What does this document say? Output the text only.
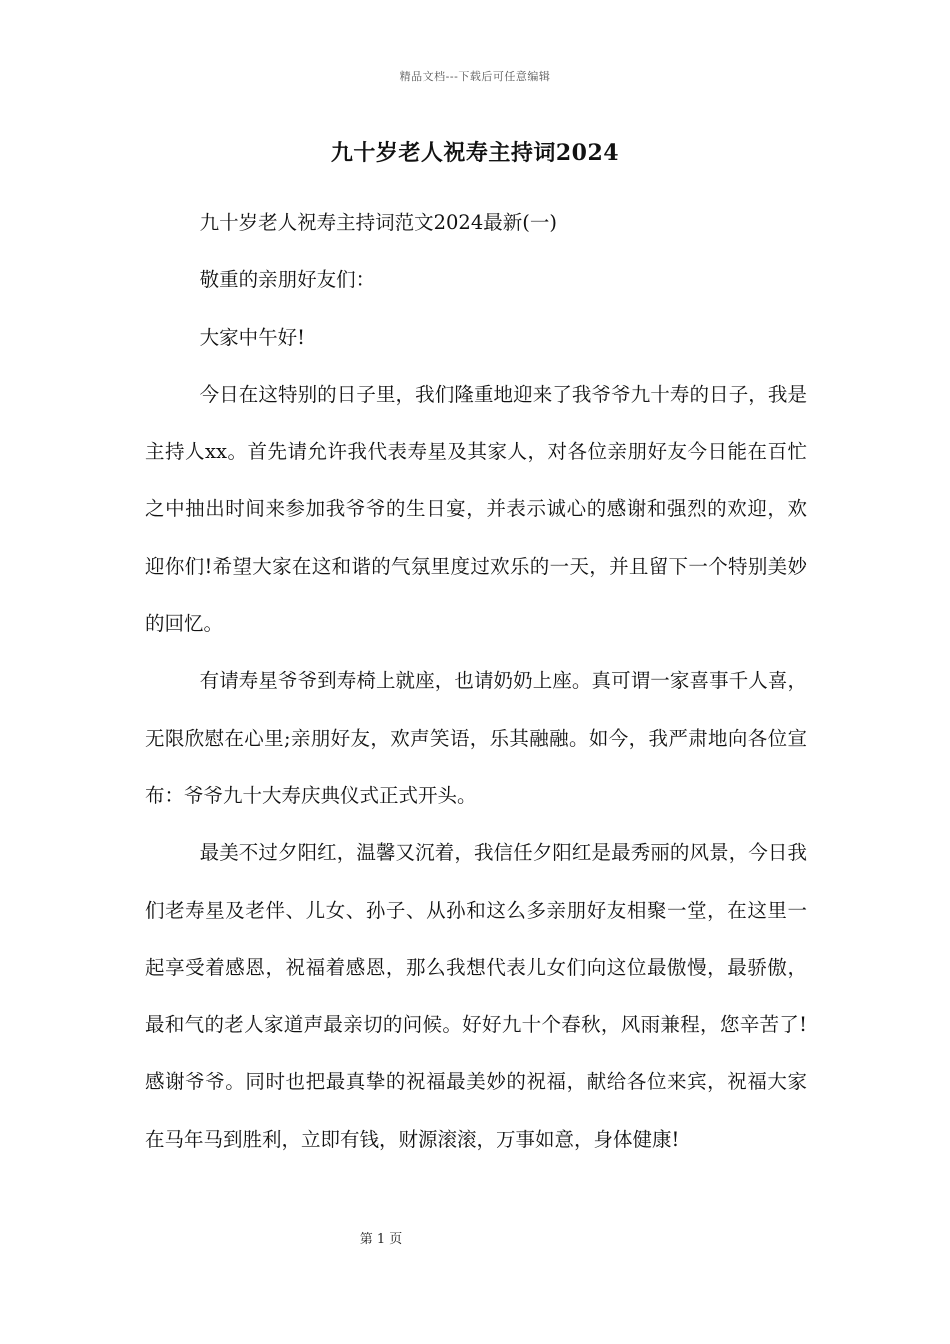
精品文档---下载后可任意编辑
九十岁老人祝寿主持词2024

九十岁老人祝寿主持词范文2024最新(一)

敬重的亲朋好友们：

大家中午好!

今日在这特别的日子里，我们隆重地迎来了我爷爷九十寿的日子，我是主持人xx。首先请允许我代表寿星及其家人，对各位亲朋好友今日能在百忙之中抽出时间来参加我爷爷的生日宴，并表示诚心的感谢和强烈的欢迎，欢迎你们!希望大家在这和谐的气氛里度过欢乐的一天，并且留下一个特别美妙的回忆。

有请寿星爷爷到寿椅上就座，也请奶奶上座。真可谓一家喜事千人喜，无限欣慰在心里;亲朋好友，欢声笑语，乐其融融。如今，我严肃地向各位宣布：爷爷九十大寿庆典仪式正式开头。

最美不过夕阳红，温馨又沉着，我信任夕阳红是最秀丽的风景，今日我们老寿星及老伴、儿女、孙子、从孙和这么多亲朋好友相聚一堂，在这里一起享受着感恩，祝福着感恩，那么我想代表儿女们向这位最傲慢，最骄傲，最和气的老人家道声最亲切的问候。好好九十个春秋，风雨兼程，您辛苦了!感谢爷爷。同时也把最真挚的祝福最美妙的祝福，献给各位来宾，祝福大家在马年马到胜利，立即有钱，财源滚滚，万事如意，身体健康!

第 1 页
